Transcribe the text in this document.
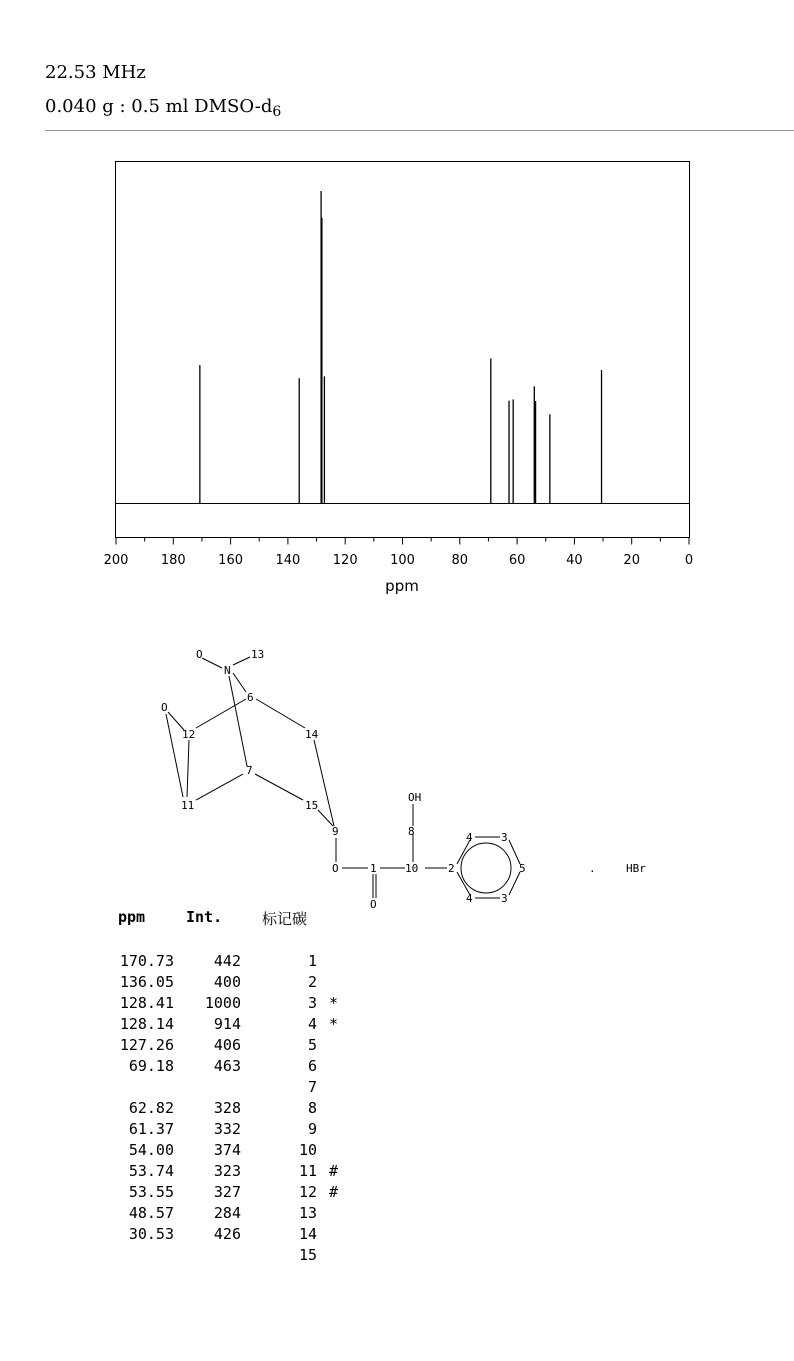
22.53 MHz
0.040 g : 0.5 ml DMSO-$d_6$
200 180 160 140 120 100	80	60	40	20	0
ppm
O
N
13
6
O
12	14
7
11	15
9
O	1
O
10
8
OH
2
4	3
5
4	3
.	HBr
ppm	Int.	标记碳
170.73	442	1
136.05	400	2
128.41	1000	3 *
128.14	914	4 *
127.26	406	5
69.18	463	6
7
62.82	328	8
61.37	332	9
54.00	374	10
53.74	323	11 #
53.55	327	12 #
48.57	284	13
30.53	426	14
15
